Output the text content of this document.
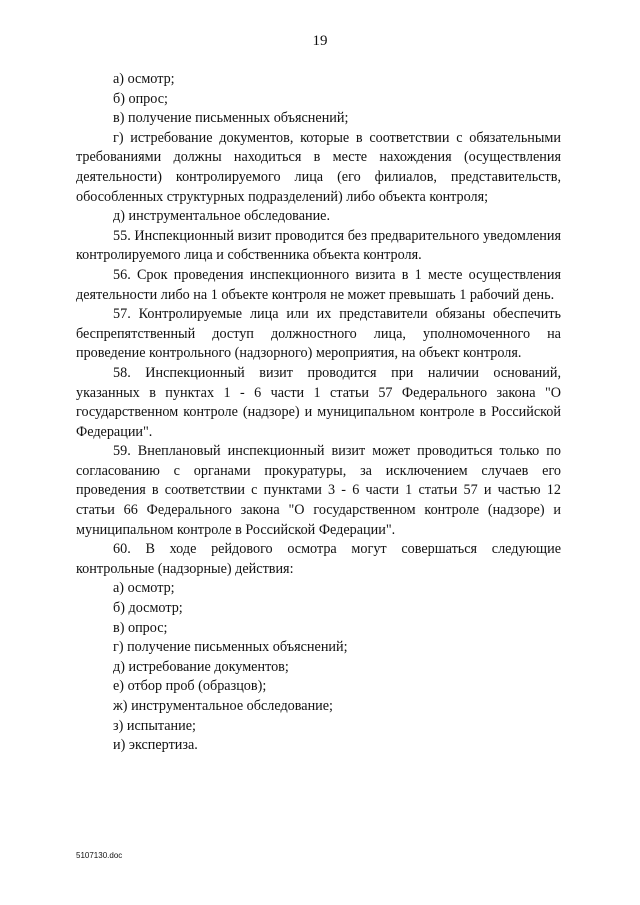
19

а) осмотр;

б) опрос;

в) получение письменных объяснений;

г) истребование документов, которые в соответствии с обязательными требованиями должны находиться в месте нахождения (осуществления деятельности) контролируемого лица (его филиалов, представительств, обособленных структурных подразделений) либо объекта контроля;

д) инструментальное обследование.

55. Инспекционный визит проводится без предварительного уведомления контролируемого лица и собственника объекта контроля.

56. Срок проведения инспекционного визита в 1 месте осуществления деятельности либо на 1 объекте контроля не может превышать 1 рабочий день.

57. Контролируемые лица или их представители обязаны обеспечить беспрепятственный доступ должностного лица, уполномоченного на проведение контрольного (надзорного) мероприятия, на объект контроля.

58. Инспекционный визит проводится при наличии оснований, указанных в пунктах 1 - 6 части 1 статьи 57 Федерального закона "О государственном контроле (надзоре) и муниципальном контроле в Российской Федерации".

59. Внеплановый инспекционный визит может проводиться только по согласованию с органами прокуратуры, за исключением случаев его проведения в соответствии с пунктами 3 - 6 части 1 статьи 57 и частью 12 статьи 66 Федерального закона "О государственном контроле (надзоре) и муниципальном контроле в Российской Федерации".

60. В ходе рейдового осмотра могут совершаться следующие контрольные (надзорные) действия:

а) осмотр;

б) досмотр;

в) опрос;

г) получение письменных объяснений;

д) истребование документов;

е) отбор проб (образцов);

ж) инструментальное обследование;

з) испытание;

и) экспертиза.

5107130.doc
